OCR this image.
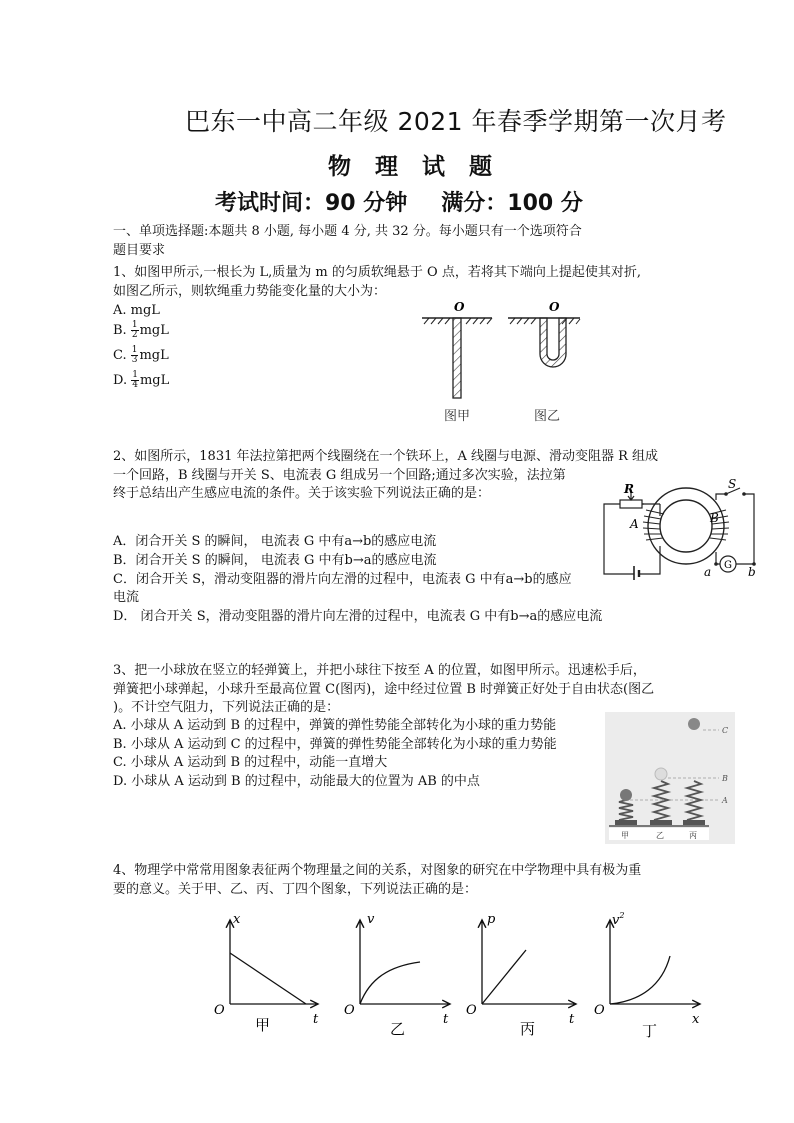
巴东一中高二年级 2021 年春季学期第一次月考
物 理 试 题
考试时间：90 分钟 满分：100 分
一、单项选择题:本题共 8 小题, 每小题 4 分, 共 32 分。每小题只有一个选项符合
题目要求
1、如图甲所示,一根长为 L,质量为 m 的匀质软绳悬于 O 点，若将其下端向上提起使其对折,
如图乙所示，则软绳重力势能变化量的大小为：
A. mgL
B. $\frac{1}{2}$ mgL
C. $\frac{1}{3}$ mgL
D. $\frac{1}{4}$ mgL
O	O
图甲	图乙
2、如图所示，1831 年法拉第把两个线圈绕在一个铁环上，A 线圈与电源、滑动变阻器 R 组成
一个回路，B 线圈与开关 S、电流表 G 组成另一个回路;通过多次实验，法拉第
终于总结出产生感应电流的条件。关于该实验下列说法正确的是：
A．闭合开关 S 的瞬间， 电流表 G 中有a→b的感应电流
B．闭合开关 S 的瞬间， 电流表 G 中有b→a的感应电流
C．闭合开关 S，滑动变阻器的滑片向左滑的过程中，电流表 G 中有a→b的感应
电流
D． 闭合开关 S，滑动变阻器的滑片向左滑的过程中，电流表 G 中有b→a的感应电流
R	S
A	B
G
a	b
3、把一小球放在竖立的轻弹簧上，并把小球往下按至 A 的位置，如图甲所示。迅速松手后，
弹簧把小球弹起，小球升至最高位置 C(图丙)，途中经过位置 B 时弹簧正好处于自由状态(图乙
)。不计空气阻力，下列说法正确的是：
A. 小球从 A 运动到 B 的过程中，弹簧的弹性势能全部转化为小球的重力势能
B. 小球从 A 运动到 C 的过程中，弹簧的弹性势能全部转化为小球的重力势能
C. 小球从 A 运动到 B 的过程中，动能一直增大
D. 小球从 A 运动到 B 的过程中，动能最大的位置为 AB 的中点
C
B
A
甲	乙	丙
4、物理学中常常用图象表征两个物理量之间的关系，对图象的研究在中学物理中具有极为重
要的意义。关于甲、乙、丙、丁四个图象，下列说法正确的是：
x
t
O
甲
v
t
O
乙
p
t
O
丙
$v^2$
x
O
丁
